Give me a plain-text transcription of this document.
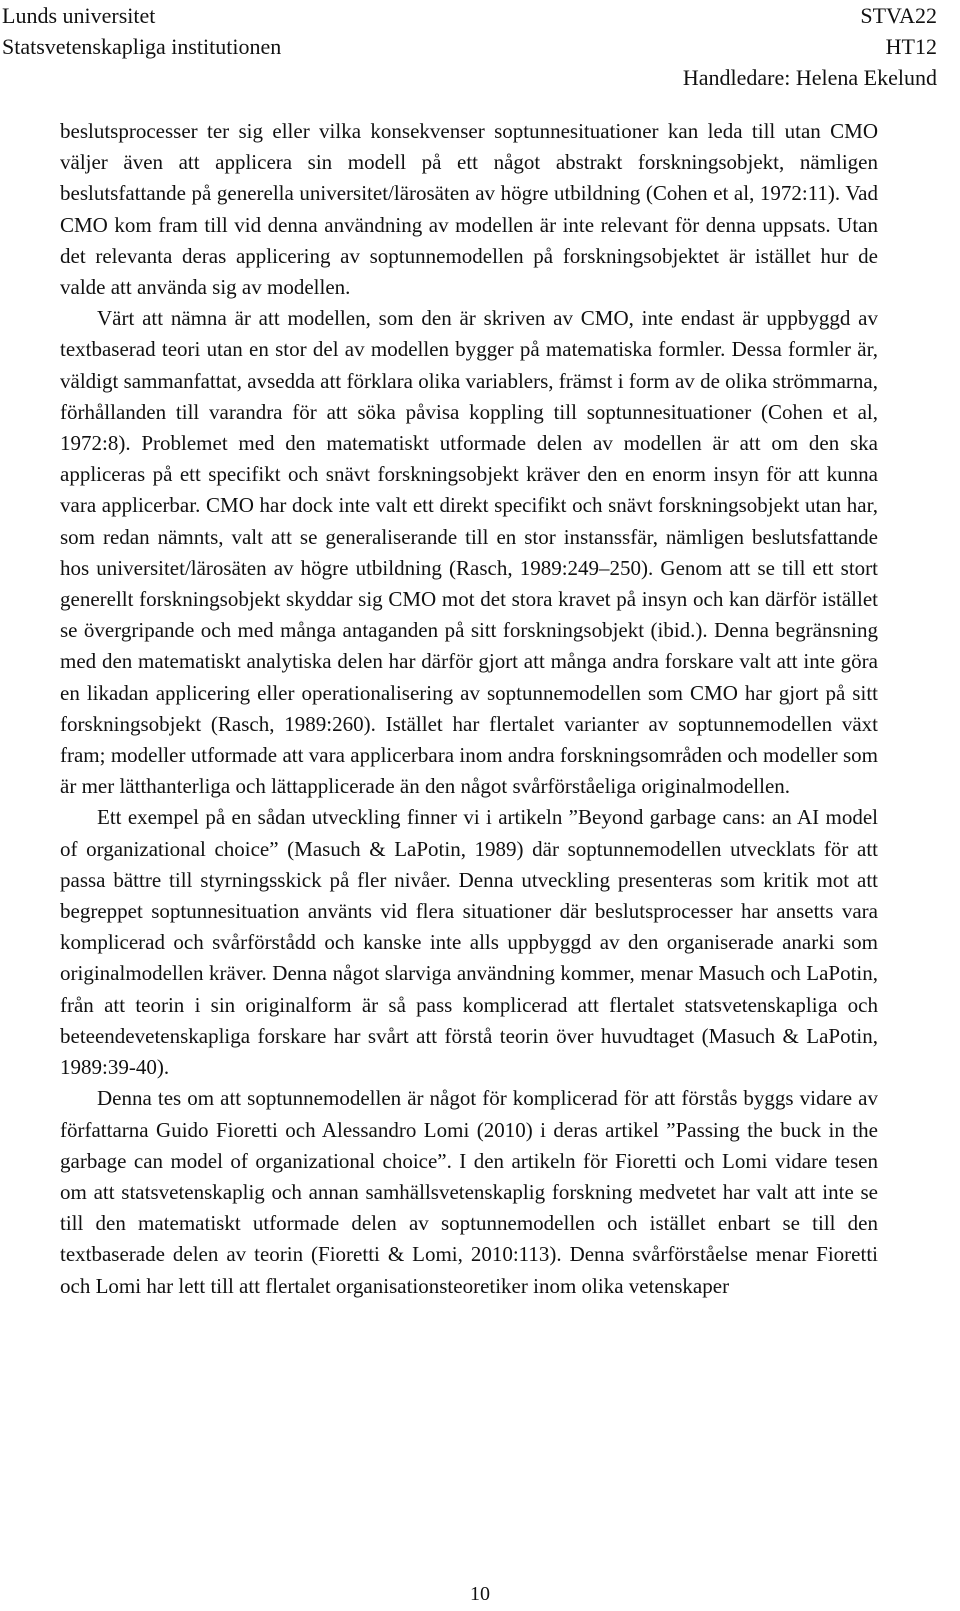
Lunds universitet
Statsvetenskapliga institutionen
STVA22
HT12
Handledare: Helena Ekelund

beslutsprocesser ter sig eller vilka konsekvenser soptunnesituationer kan leda till utan CMO väljer även att applicera sin modell på ett något abstrakt forskningsobjekt, nämligen beslutsfattande på generella universitet/lärosäten av högre utbildning (Cohen et al, 1972:11). Vad CMO kom fram till vid denna användning av modellen är inte relevant för denna uppsats. Utan det relevanta deras applicering av soptunnemodellen på forskningsobjektet är istället hur de valde att använda sig av modellen.

Värt att nämna är att modellen, som den är skriven av CMO, inte endast är uppbyggd av textbaserad teori utan en stor del av modellen bygger på matematiska formler. Dessa formler är, väldigt sammanfattat, avsedda att förklara olika variablers, främst i form av de olika strömmarna, förhållanden till varandra för att söka påvisa koppling till soptunnesituationer (Cohen et al, 1972:8). Problemet med den matematiskt utformade delen av modellen är att om den ska appliceras på ett specifikt och snävt forskningsobjekt kräver den en enorm insyn för att kunna vara applicerbar. CMO har dock inte valt ett direkt specifikt och snävt forskningsobjekt utan har, som redan nämnts, valt att se generaliserande till en stor instanssfär, nämligen beslutsfattande hos universitet/lärosäten av högre utbildning (Rasch, 1989:249–250). Genom att se till ett stort generellt forskningsobjekt skyddar sig CMO mot det stora kravet på insyn och kan därför istället se övergripande och med många antaganden på sitt forskningsobjekt (ibid.). Denna begränsning med den matematiskt analytiska delen har därför gjort att många andra forskare valt att inte göra en likadan applicering eller operationalisering av soptunnemodellen som CMO har gjort på sitt forskningsobjekt (Rasch, 1989:260). Istället har flertalet varianter av soptunnemodellen växt fram; modeller utformade att vara applicerbara inom andra forskningsområden och modeller som är mer lätthanterliga och lättapplicerade än den något svårförståeliga originalmodellen.

Ett exempel på en sådan utveckling finner vi i artikeln ”Beyond garbage cans: an AI model of organizational choice” (Masuch & LaPotin, 1989) där soptunnemodellen utvecklats för att passa bättre till styrningsskick på fler nivåer. Denna utveckling presenteras som kritik mot att begreppet soptunnesituation använts vid flera situationer där beslutsprocesser har ansetts vara komplicerad och svårförstådd och kanske inte alls uppbyggd av den organiserade anarki som originalmodellen kräver. Denna något slarviga användning kommer, menar Masuch och LaPotin, från att teorin i sin originalform är så pass komplicerad att flertalet statsvetenskapliga och beteendevetenskapliga forskare har svårt att förstå teorin över huvudtaget (Masuch & LaPotin, 1989:39-40).

Denna tes om att soptunnemodellen är något för komplicerad för att förstås byggs vidare av författarna Guido Fioretti och Alessandro Lomi (2010) i deras artikel ”Passing the buck in the garbage can model of organizational choice”. I den artikeln för Fioretti och Lomi vidare tesen om att statsvetenskaplig och annan samhällsvetenskaplig forskning medvetet har valt att inte se till den matematiskt utformade delen av soptunnemodellen och istället enbart se till den textbaserade delen av teorin (Fioretti & Lomi, 2010:113). Denna svårförståelse menar Fioretti och Lomi har lett till att flertalet organisationsteoretiker inom olika vetenskaper

10
